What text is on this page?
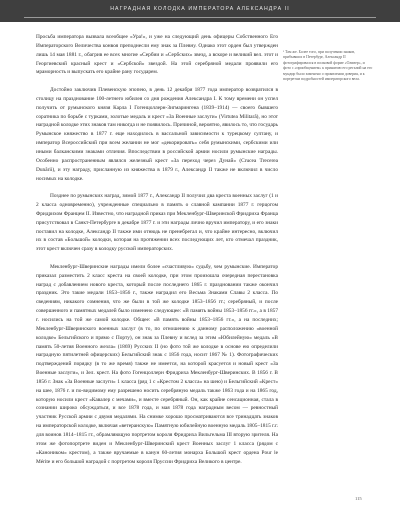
НАГРАДНАЯ КОЛОДКА ИМПЕРАТОРА АЛЕКСАНДРА II

Просьба императора вызвала всеобщее «Ура!», и уже на следующий день офицеры Собственного Его Императорского Величества конвоя преподнесли ему знак за Плевну. Однако этот орден был утвержден лишь 14 мая 1881 г., обагрив ее всех многие «Сербии и «Сербских» звезд, а вскоре и великий вел. этот и Георгиевский красный крест и «Сербской» звездой. На этой серебряной медали проявили его мраморность и выпускать его крайне рану государем.

Достойно заключив Плевенскую эпопею, в день 12 декабря 1877 года император возвратился в столицу на празднование 100-летнего юбилея со дня рождения Александра I. К тому времени он успел получить от румынского князя Карла I Гогенцоллерн-Зигмарингена (1839–1914) — своего бывшего соратника по борьбе с турками, золотые медаль и крест «За Военные заслуги» (Virtutea Militară), но этот наградной колодке этих знаков там никогда и не появилось. Причиной, вероятно, явилось то, что государь Румынское княжество в 1877 г. еще находилось в вассальной зависимости к турецкому султану, и император Всероссийский при всем желании не мог «декорировать» себя румынскими, сербскими или иными балканскими знаками отличия. Впоследствии в российской армии носили румынские награды. Особенно распространенным являлся железный крест «За переход через Дунай» (Crucea Trecerea Dunării), и эту награду, присланную из княжества в 1879 г., Александр II также не включил в число носимых на колодке.

Позднее по румынских наград, зимой 1877 г., Александр II получил два креста военных заслуг (1 и 2 класса одновременно), учрежденные специально в память о славной кампании 1877 г. герцогом Фридрихом Францем II. Известно, что наградной приказ при Мекленбург-Шверинской Фридриха Франца присутствовал в Санкт-Петербурге в декабре 1877 г. и эти награды лично вручил императору, и его знаки поставил на колодке, Александр II также ими отнюдь не пренебрегал и, что крайне интересно, включил их в состав «Большой» колодки, которая на протяжении всех последующих лет, кто отмечал праздник, этот крест включен сразу в колодку русской императорских.

Мекленбург-Шверинские награды имели более «счастливую» судьбу, чем румынские. Император приказал разместить 2 класс креста на своей колодке, при этом произошла очередная перестановка наград с добавлением нового креста, который после последнего 1865 г. праздновании также окончил праздник. Это такие медали 1853–1856 г., также наградил его Весьма Знаками Славы 2 класса. По сведениям, никакого сомнения, что же были в той же колодке 1853–1856 гг.; серебряный, и после совершенного и памятных медалей было изменено следующее: «В память войны 1853–1856 гг.», а в 1857 г. носились на той же самой колодке. Общее: «В память войны 1853–1856 гг.», а на последних; Мекленбург-Шверинского военных заслуг (в то, по отношению к данному расположению «военной колодке» Бельгийского и прямо с Порту), он знак за Плевну и вслед за этим «Юбилейную» медаль «В память 50-летия Военного жезла» (1869) Русских II (но фото той же колодке в основе ею определили наградную пятилетней офицерских) Бельгийский знак с 1856 года, носит 1867 № 1). Фотографических подтверждений порядку (в то же время) также не имеется, на которой красуется и новый крест «За Военные заслуги», и Зел. крест. На фото Гогенцоллерн Фридриха Мекленбург-Шверинских. В 1856 г. В 1856 г. Знак «За Военные заслуги» 1 класса (ряд 1 с «Крестом 2 класса» на шею) и Бельгийский «Крест» на шее, 1876 г. и по-видимому ему разрешено носить серебряную медаль также 1863 года и на 1865 год, которую носили крест «Кавалер с мечами», и вместе серебряный. Он, как крайне сенсационная, стала в сознании широко обсуждаться, и все 1878 года, и мая 1878 года наградным весом — ревностный участник Русской армии с двумя медалями. На снимке хорошо просматриваются все тринадцать знаков на императорской колодке, включая «ветеранскую» Памятную юбилейную военную медаль 1805–1815 г.г. для воинов 1814–1815 гг., обрамляющую портретом короля Фридриха Вильгельма III вторую зрителя. На этом же фотопортрете виден и Мекленбург-Шверинский крест Военных заслуг 1 класса (рядом с «Каноником» крестом), а также вручаемые в канун 60-летия монарха Большой крест ордена Pour le Mérite и его большой наградой с портретом короля Пруссии Фридриха Великого в центре.

¹ Там же. Более того, при получении знаков, прибывших в Петербург, Александр II фотографировался в полковой форме «Оливер», и фото с «приобщением» к принятию его регалий на его мундир было заменено о проявлении доверия, и к портретам подробностей императорского вела.
115
